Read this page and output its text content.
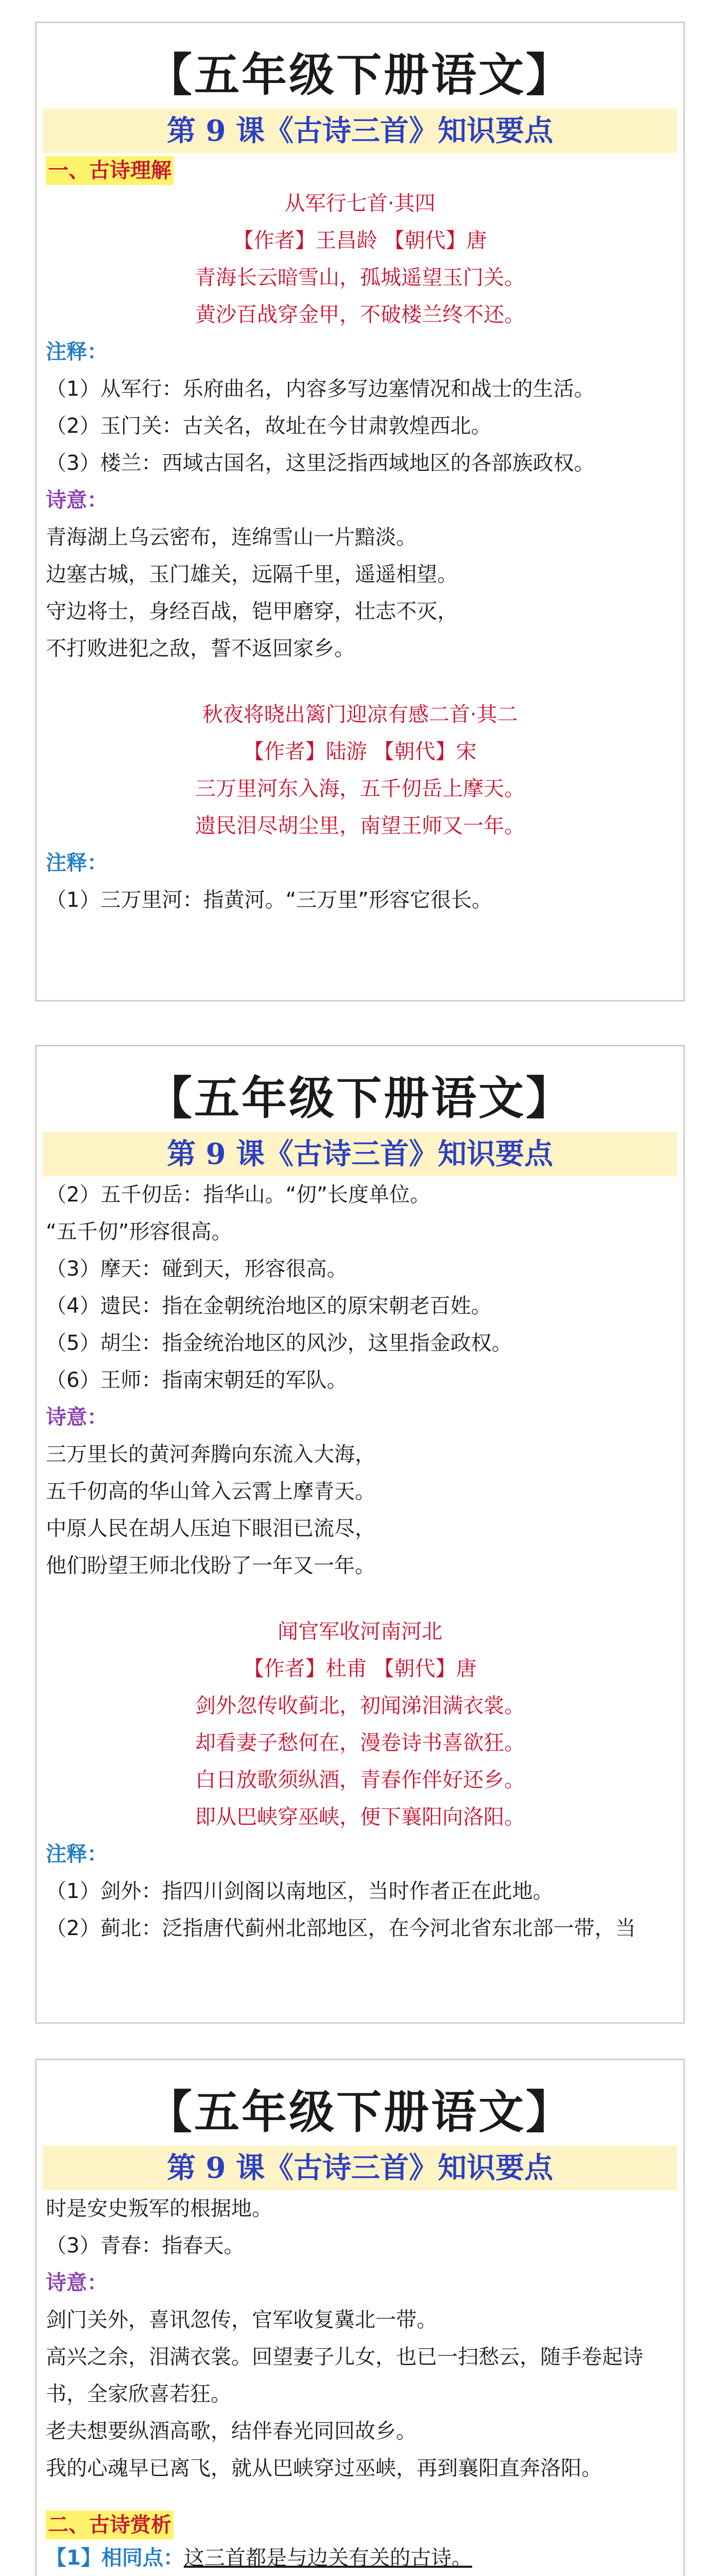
【五年级下册语文】
第 9 课《古诗三首》知识要点
一、古诗理解
从军行七首·其四
【作者】王昌龄 【朝代】唐
青海长云暗雪山，孤城遥望玉门关。
黄沙百战穿金甲，不破楼兰终不还。
注释：
（1）从军行：乐府曲名，内容多写边塞情况和战士的生活。
（2）玉门关：古关名，故址在今甘肃敦煌西北。
（3）楼兰：西域古国名，这里泛指西域地区的各部族政权。
诗意：
青海湖上乌云密布，连绵雪山一片黯淡。
边塞古城，玉门雄关，远隔千里，遥遥相望。
守边将士，身经百战，铠甲磨穿，壮志不灭，
不打败进犯之敌，誓不返回家乡。
秋夜将晓出篱门迎凉有感二首·其二
【作者】陆游 【朝代】宋
三万里河东入海，五千仞岳上摩天。
遗民泪尽胡尘里，南望王师又一年。
注释：
（1）三万里河：指黄河。“三万里”形容它很长。
【五年级下册语文】
第 9 课《古诗三首》知识要点
（2）五千仞岳：指华山。“仞”长度单位。
“五千仞”形容很高。
（3）摩天：碰到天，形容很高。
（4）遗民：指在金朝统治地区的原宋朝老百姓。
（5）胡尘：指金统治地区的风沙，这里指金政权。
（6）王师：指南宋朝廷的军队。
诗意：
三万里长的黄河奔腾向东流入大海，
五千仞高的华山耸入云霄上摩青天。
中原人民在胡人压迫下眼泪已流尽，
他们盼望王师北伐盼了一年又一年。
闻官军收河南河北
【作者】杜甫 【朝代】唐
剑外忽传收蓟北，初闻涕泪满衣裳。
却看妻子愁何在，漫卷诗书喜欲狂。
白日放歌须纵酒，青春作伴好还乡。
即从巴峡穿巫峡，便下襄阳向洛阳。
注释：
（1）剑外：指四川剑阁以南地区，当时作者正在此地。
（2）蓟北：泛指唐代蓟州北部地区，在今河北省东北部一带，当
【五年级下册语文】
第 9 课《古诗三首》知识要点
时是安史叛军的根据地。
（3）青春：指春天。
诗意：
剑门关外，喜讯忽传，官军收复冀北一带。
高兴之余，泪满衣裳。回望妻子儿女，也已一扫愁云，随手卷起诗书，全家欣喜若狂。
老夫想要纵酒高歌，结伴春光同回故乡。
我的心魂早已离飞，就从巴峡穿过巫峡，再到襄阳直奔洛阳。
二、古诗赏析
【1】相同点：这三首都是与边关有关的古诗。
